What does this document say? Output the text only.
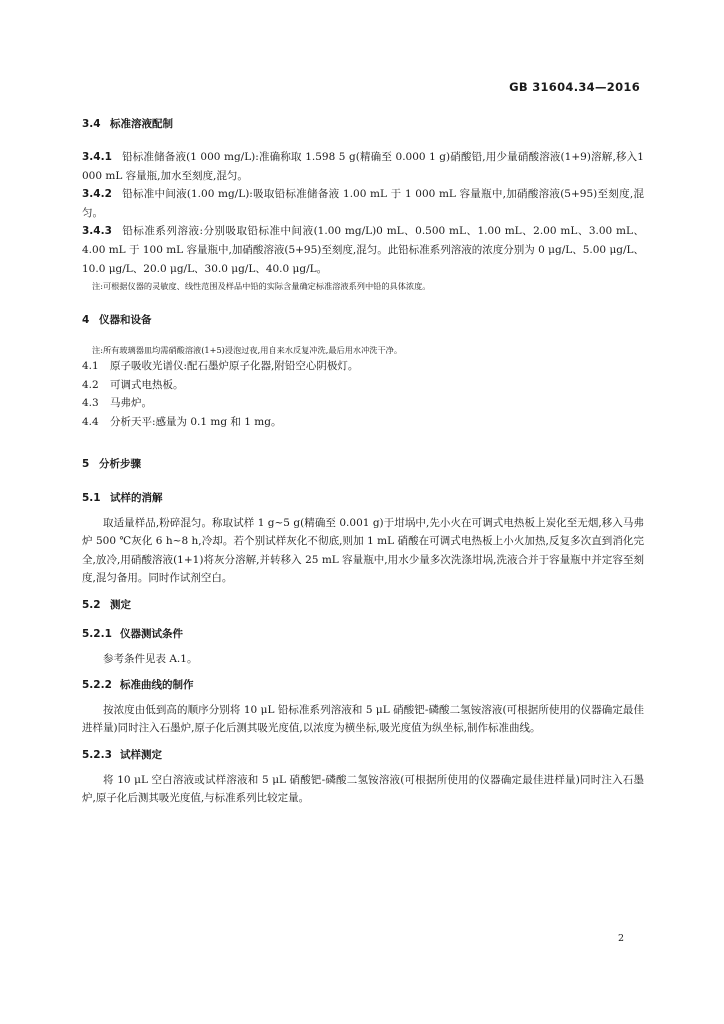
GB 31604.34—2016
3.4 标准溶液配制

3.4.1 铅标准储备液(1 000 mg/L):准确称取 1.598 5 g(精确至 0.000 1 g)硝酸铅,用少量硝酸溶液(1+9)溶解,移入1 000 mL 容量瓶,加水至刻度,混匀。

3.4.2 铅标准中间液(1.00 mg/L):吸取铅标准储备液 1.00 mL 于 1 000 mL 容量瓶中,加硝酸溶液(5+95)至刻度,混匀。

3.4.3 铅标准系列溶液:分别吸取铅标准中间液(1.00 mg/L)0 mL、0.500 mL、1.00 mL、2.00 mL、3.00 mL、4.00 mL 于 100 mL 容量瓶中,加硝酸溶液(5+95)至刻度,混匀。此铅标准系列溶液的浓度分别为 0 μg/L、5.00 μg/L、10.0 μg/L、20.0 μg/L、30.0 μg/L、40.0 μg/L。

注:可根据仪器的灵敏度、线性范围及样品中铅的实际含量确定标准溶液系列中铅的具体浓度。

4 仪器和设备

注:所有玻璃器皿均需硝酸溶液(1+5)浸泡过夜,用自来水反复冲洗,最后用水冲洗干净。

4.1 原子吸收光谱仪:配石墨炉原子化器,附铅空心阴极灯。

4.2 可调式电热板。

4.3 马弗炉。

4.4 分析天平:感量为 0.1 mg 和 1 mg。

5 分析步骤
5.1 试样的消解

取适量样品,粉碎混匀。称取试样 1 g~5 g(精确至 0.001 g)于坩埚中,先小火在可调式电热板上炭化至无烟,移入马弗炉 500 ℃灰化 6 h~8 h,冷却。若个别试样灰化不彻底,则加 1 mL 硝酸在可调式电热板上小火加热,反复多次直到消化完全,放冷,用硝酸溶液(1+1)将灰分溶解,并转移入 25 mL 容量瓶中,用水少量多次洗涤坩埚,洗液合并于容量瓶中并定容至刻度,混匀备用。同时作试剂空白。

5.2 测定
5.2.1 仪器测试条件

参考条件见表 A.1。

5.2.2 标准曲线的制作

按浓度由低到高的顺序分别将 10 μL 铅标准系列溶液和 5 μL 硝酸钯-磷酸二氢铵溶液(可根据所使用的仪器确定最佳进样量)同时注入石墨炉,原子化后测其吸光度值,以浓度为横坐标,吸光度值为纵坐标,制作标准曲线。

5.2.3 试样测定

将 10 μL 空白溶液或试样溶液和 5 μL 硝酸钯-磷酸二氢铵溶液(可根据所使用的仪器确定最佳进样量)同时注入石墨炉,原子化后测其吸光度值,与标准系列比较定量。

2
